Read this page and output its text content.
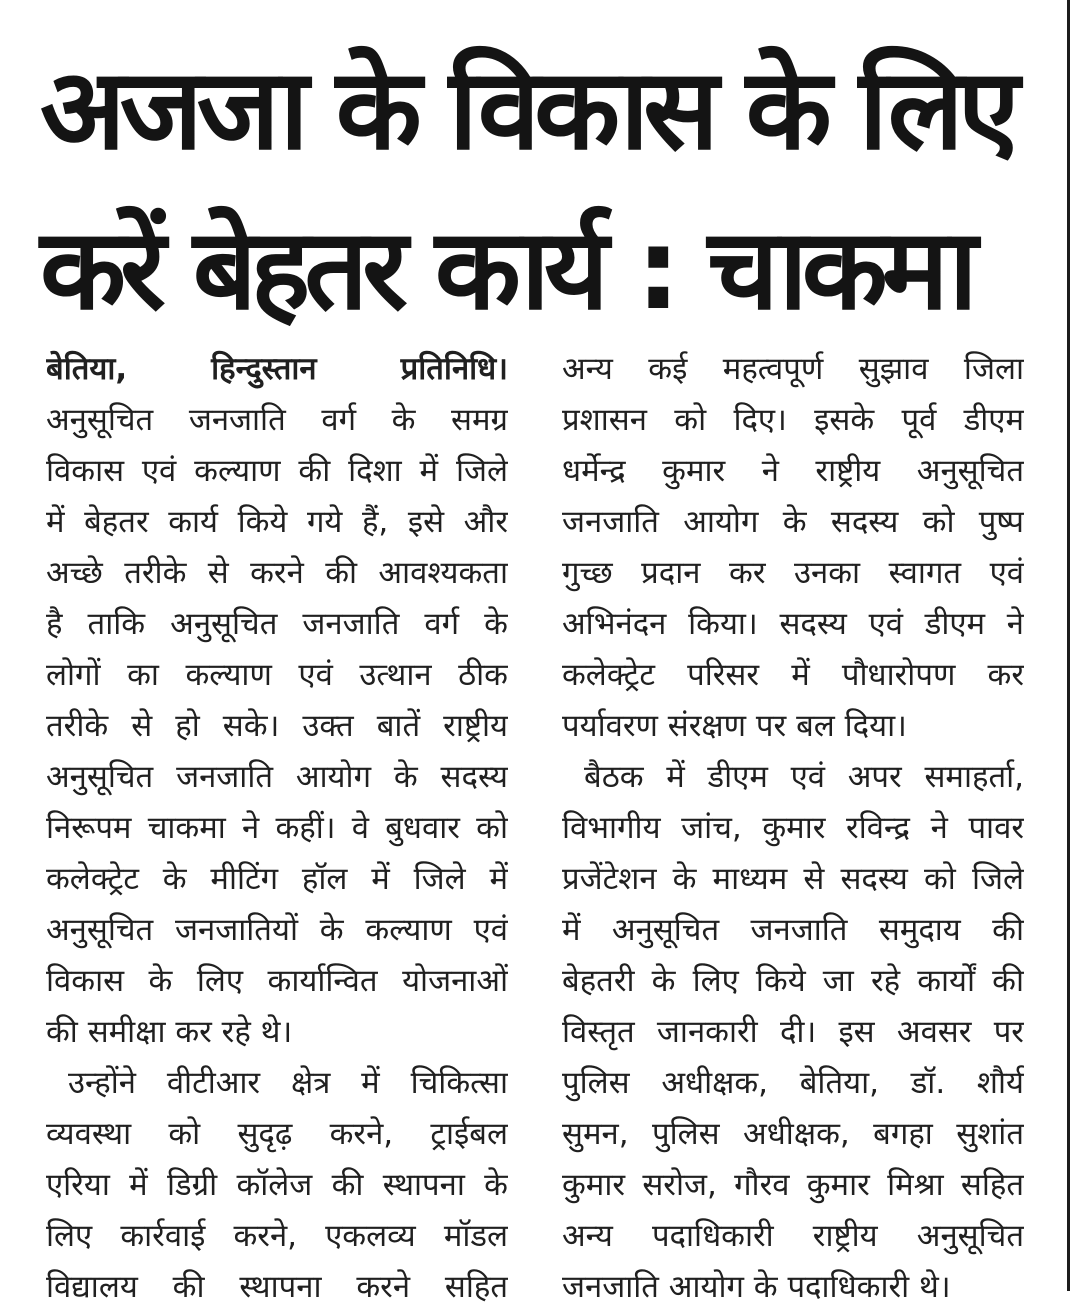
अजजा के विकास के लिए
करें बेहतर कार्य : चाकमा
बेतिया, हिन्दुस्तान प्रतिनिधि।
अनुसूचित जनजाति वर्ग के समग्र
विकास एवं कल्याण की दिशा में जिले
में बेहतर कार्य किये गये हैं, इसे और
अच्छे तरीके से करने की आवश्यकता
है ताकि अनुसूचित जनजाति वर्ग के
लोगों का कल्याण एवं उत्थान ठीक
तरीके से हो सके। उक्त बातें राष्ट्रीय
अनुसूचित जनजाति आयोग के सदस्य
निरूपम चाकमा ने कहीं। वे बुधवार को
कलेक्ट्रेट के मीटिंग हॉल में जिले में
अनुसूचित जनजातियों के कल्याण एवं
विकास के लिए कार्यान्वित योजनाओं
की समीक्षा कर रहे थे।
उन्होंने वीटीआर क्षेत्र में चिकित्सा
व्यवस्था को सुदृढ़ करने, ट्राईबल
एरिया में डिग्री कॉलेज की स्थापना के
लिए कार्रवाई करने, एकलव्य मॉडल
विद्यालय की स्थापना करने सहित
अन्य कई महत्वपूर्ण सुझाव जिला
प्रशासन को दिए। इसके पूर्व डीएम
धर्मेन्द्र कुमार ने राष्ट्रीय अनुसूचित
जनजाति आयोग के सदस्य को पुष्प
गुच्छ प्रदान कर उनका स्वागत एवं
अभिनंदन किया। सदस्य एवं डीएम ने
कलेक्ट्रेट परिसर में पौधारोपण कर
पर्यावरण संरक्षण पर बल दिया।
बैठक में डीएम एवं अपर समाहर्ता,
विभागीय जांच, कुमार रविन्द्र ने पावर
प्रजेंटेशन के माध्यम से सदस्य को जिले
में अनुसूचित जनजाति समुदाय की
बेहतरी के लिए किये जा रहे कार्यों की
विस्तृत जानकारी दी। इस अवसर पर
पुलिस अधीक्षक, बेतिया, डॉ. शौर्य
सुमन, पुलिस अधीक्षक, बगहा सुशांत
कुमार सरोज, गौरव कुमार मिश्रा सहित
अन्य पदाधिकारी राष्ट्रीय अनुसूचित
जनजाति आयोग के पदाधिकारी थे।
